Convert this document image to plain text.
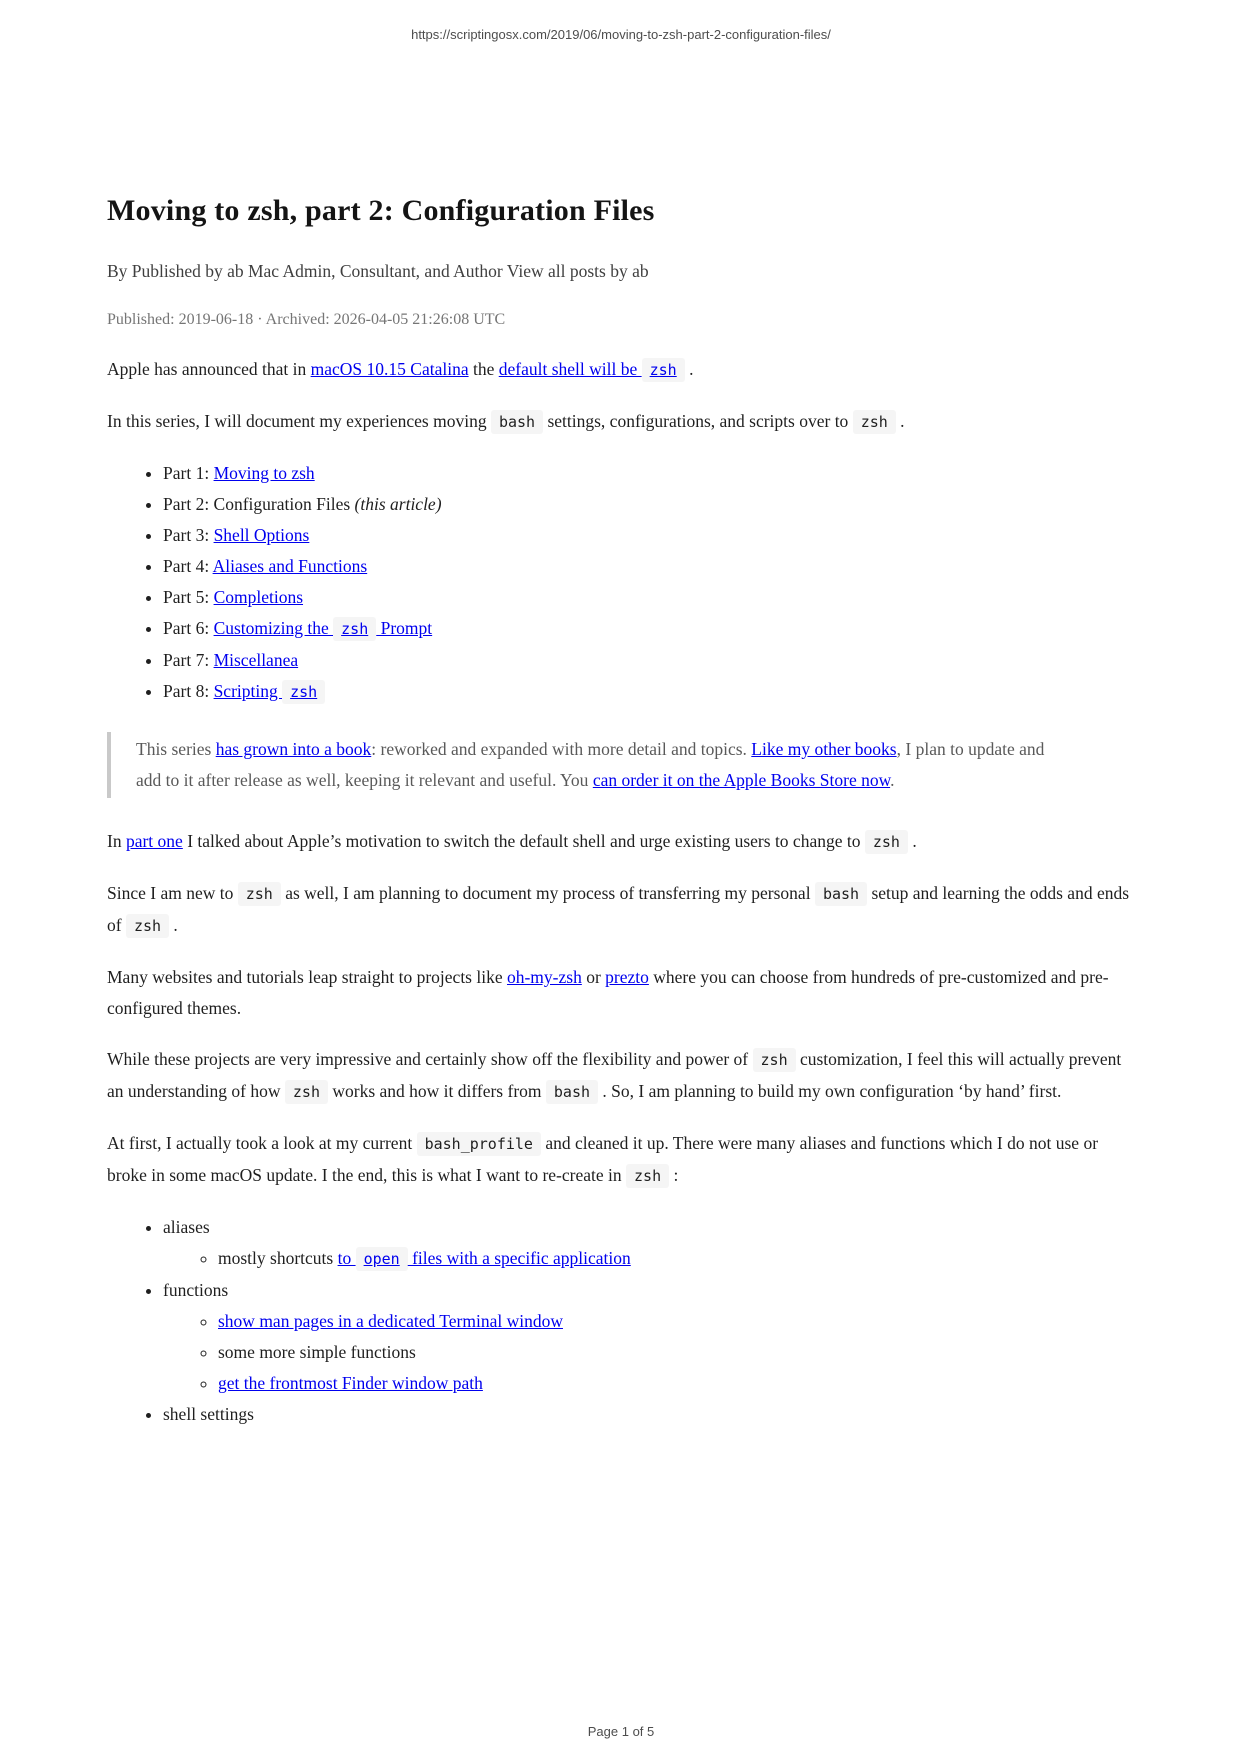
https://scriptingosx.com/2019/06/moving-to-zsh-part-2-configuration-files/
Moving to zsh, part 2: Configuration Files

By Published by ab Mac Admin, Consultant, and Author View all posts by ab

Published: 2019-06-18 · Archived: 2026-04-05 21:26:08 UTC

Apple has announced that in macOS 10.15 Catalina the default shell will be zsh .

In this series, I will document my experiences moving bash settings, configurations, and scripts over to zsh .

• Part 1: Moving to zsh
• Part 2: Configuration Files (this article)
• Part 3: Shell Options
• Part 4: Aliases and Functions
• Part 5: Completions
• Part 6: Customizing the zsh Prompt
• Part 7: Miscellanea
• Part 8: Scripting zsh

This series has grown into a book: reworked and expanded with more detail and topics. Like my other books, I plan to update and add to it after release as well, keeping it relevant and useful. You can order it on the Apple Books Store now.

In part one I talked about Apple’s motivation to switch the default shell and urge existing users to change to zsh .

Since I am new to zsh as well, I am planning to document my process of transferring my personal bash setup and learning the odds and ends of zsh .

Many websites and tutorials leap straight to projects like oh-my-zsh or prezto where you can choose from hundreds of pre-customized and pre-configured themes.

While these projects are very impressive and certainly show off the flexibility and power of zsh customization, I feel this will actually prevent an understanding of how zsh works and how it differs from bash . So, I am planning to build my own configuration ‘by hand’ first.

At first, I actually took a look at my current bash_profile and cleaned it up. There were many aliases and functions which I do not use or broke in some macOS update. I the end, this is what I want to re-create in zsh :

• aliases
◦ mostly shortcuts to open files with a specific application
• functions
◦ show man pages in a dedicated Terminal window
◦ some more simple functions
◦ get the frontmost Finder window path
• shell settings
Page 1 of 5
